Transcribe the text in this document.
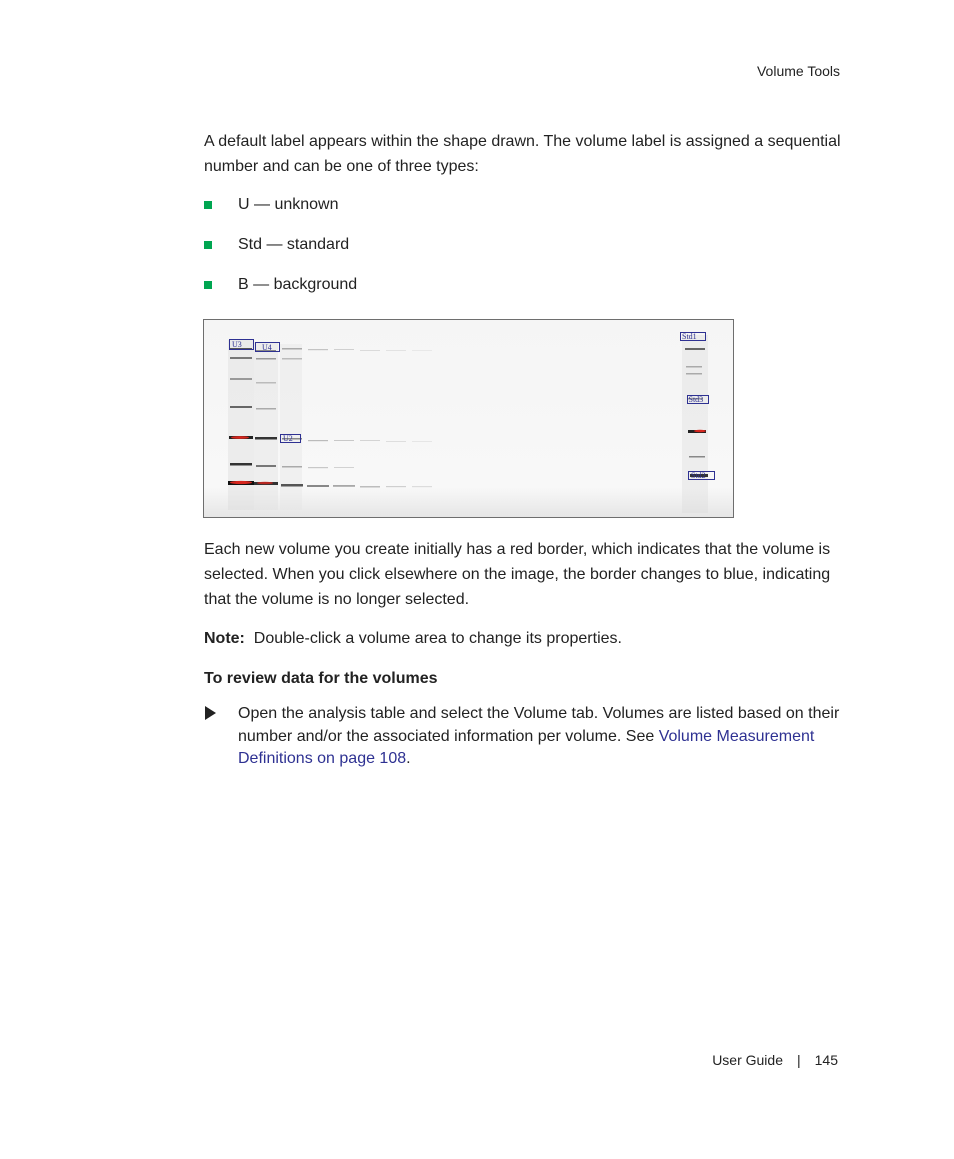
Volume Tools

A default label appears within the shape drawn. The volume label is assigned a sequential number and can be one of three types:

U — unknown
Std — standard
B — background
U3	U4
U2
Std1
Std3
Std2

Each new volume you create initially has a red border, which indicates that the volume is selected. When you click elsewhere on the image, the border changes to blue, indicating that the volume is no longer selected.

Note: Double-click a volume area to change its properties.

To review data for the volumes

Open the analysis table and select the Volume tab. Volumes are listed based on their number and/or the associated information per volume. See Volume Measurement Definitions on page 108.

User Guide | 145
